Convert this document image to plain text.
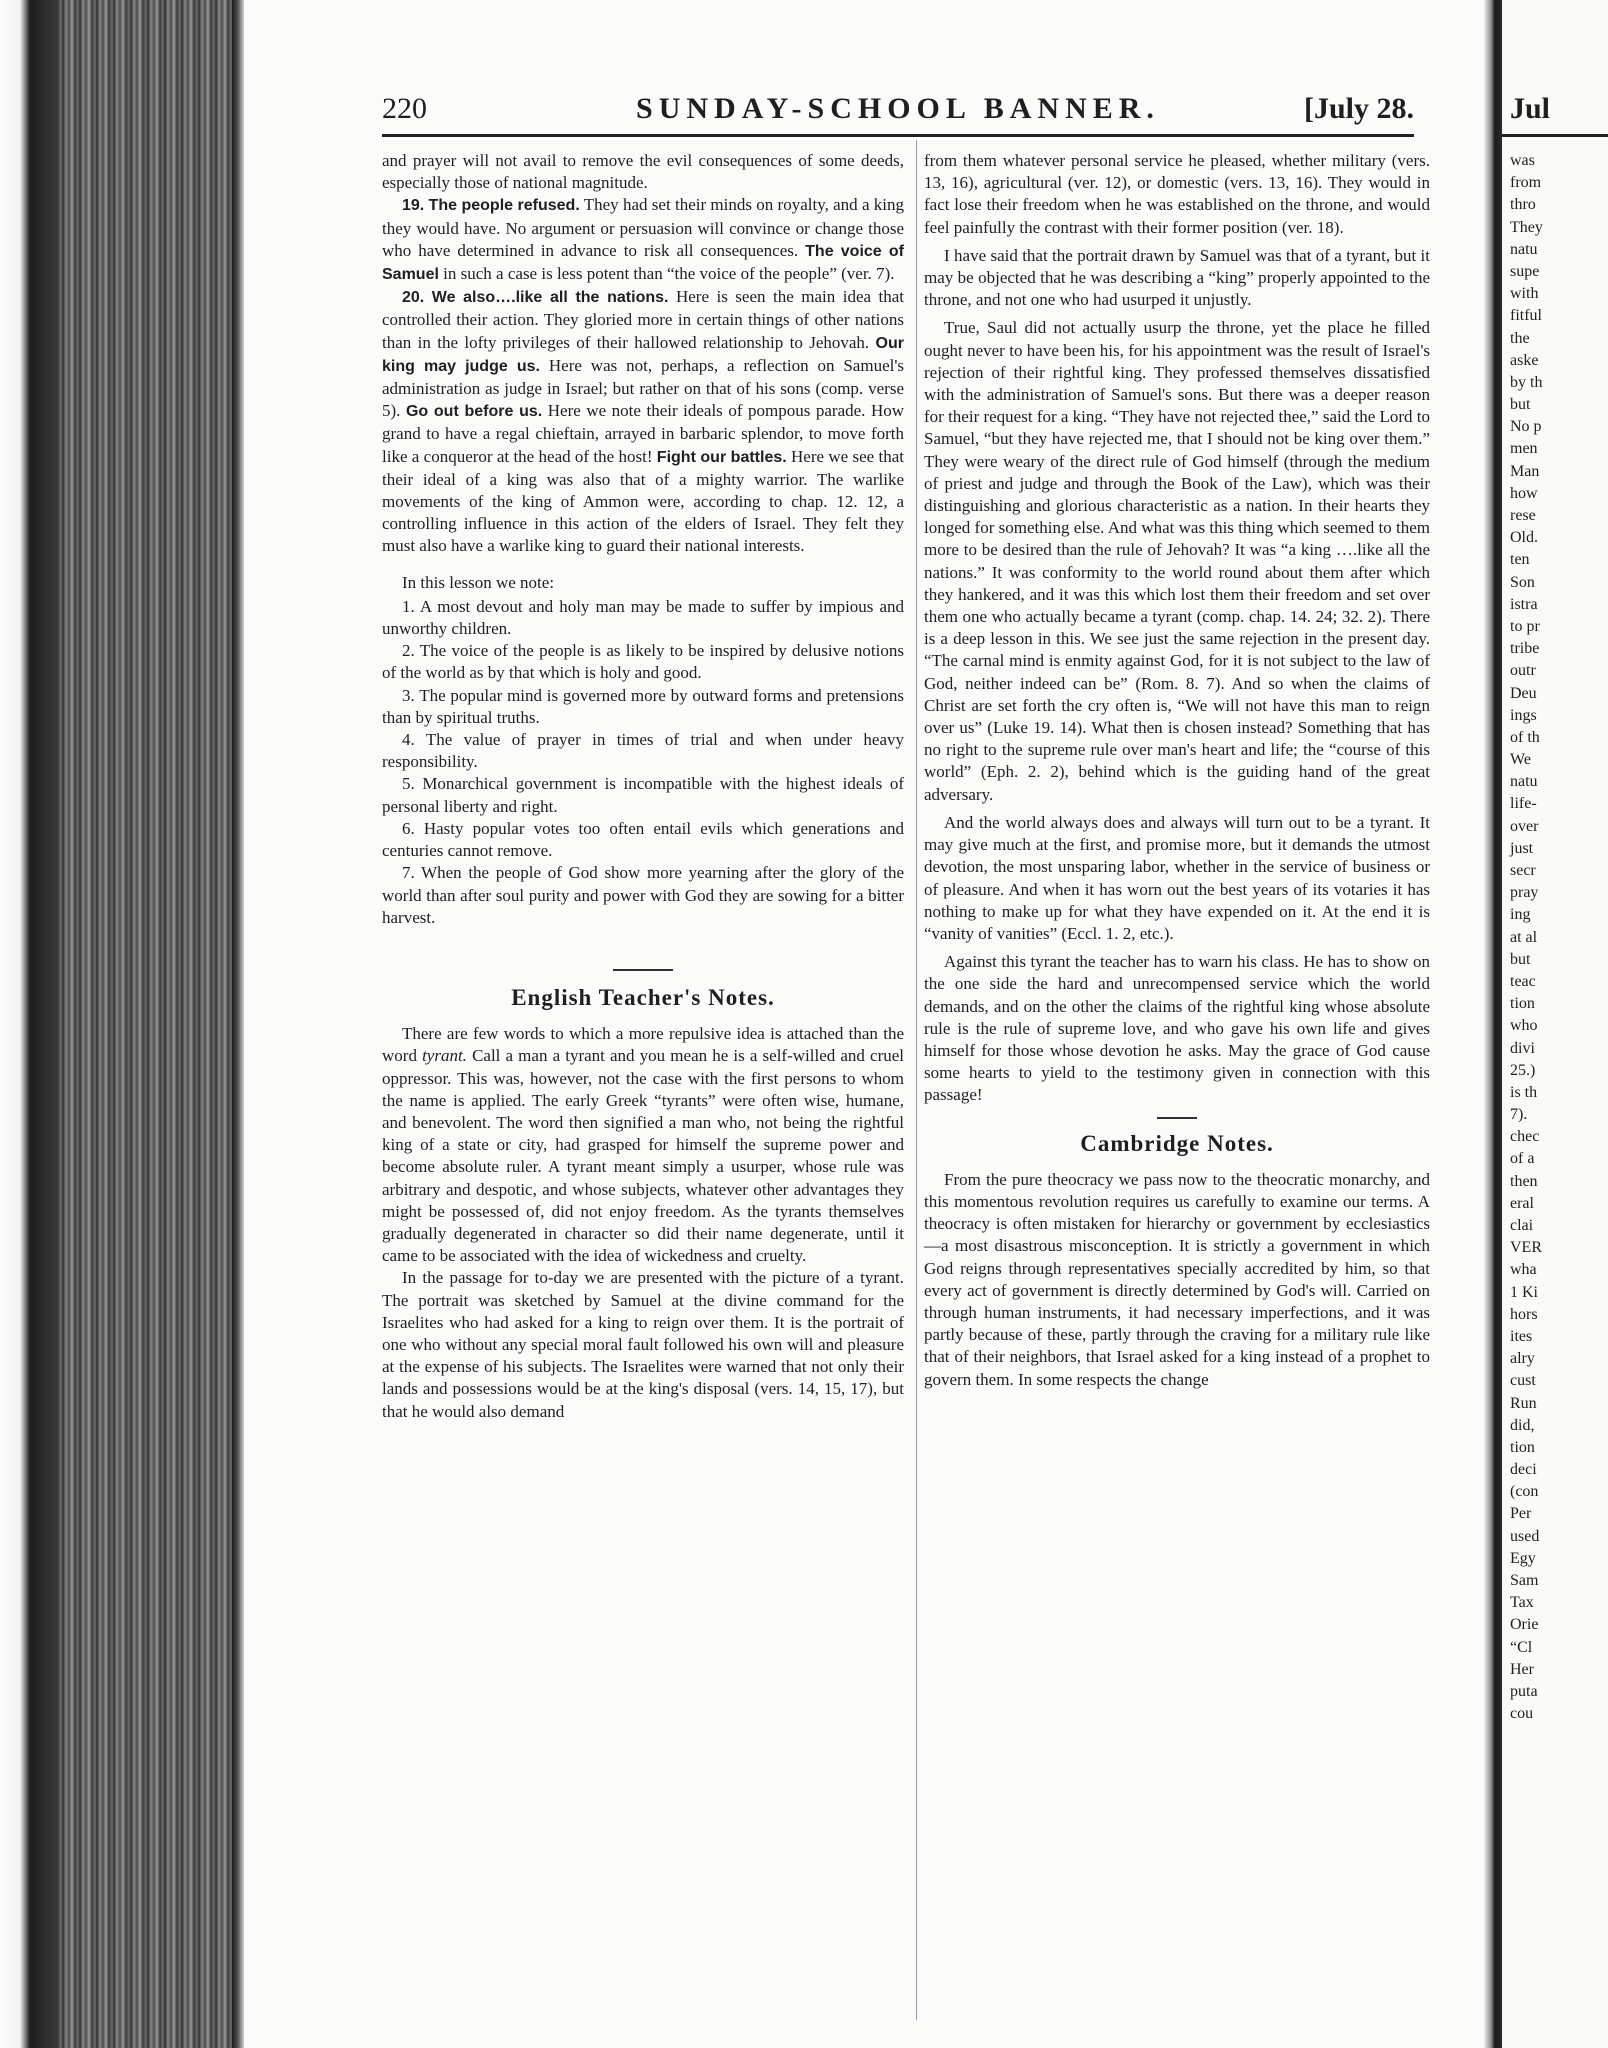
220	SUNDAY-SCHOOL BANNER.	[July 28.

and prayer will not avail to remove the evil consequences of some deeds, especially those of national magnitude.

19. The people refused. They had set their minds on royalty, and a king they would have. No argument or persuasion will convince or change those who have determined in advance to risk all consequences. The voice of Samuel in such a case is less potent than “the voice of the people” (ver. 7).

20. We also….like all the nations. Here is seen the main idea that controlled their action. They gloried more in certain things of other nations than in the lofty privileges of their hallowed relationship to Jehovah. Our king may judge us. Here was not, perhaps, a reflection on Samuel's administration as judge in Israel; but rather on that of his sons (comp. verse 5). Go out before us. Here we note their ideals of pompous parade. How grand to have a regal chieftain, arrayed in barbaric splendor, to move forth like a conqueror at the head of the host! Fight our battles. Here we see that their ideal of a king was also that of a mighty warrior. The warlike movements of the king of Ammon were, according to chap. 12. 12, a controlling influence in this action of the elders of Israel. They felt they must also have a warlike king to guard their national interests.

In this lesson we note:

1. A most devout and holy man may be made to suffer by impious and unworthy children.
2. The voice of the people is as likely to be inspired by delusive notions of the world as by that which is holy and good.
3. The popular mind is governed more by outward forms and pretensions than by spiritual truths.
4. The value of prayer in times of trial and when under heavy responsibility.
5. Monarchical government is incompatible with the highest ideals of personal liberty and right.
6. Hasty popular votes too often entail evils which generations and centuries cannot remove.
7. When the people of God show more yearning after the glory of the world than after soul purity and power with God they are sowing for a bitter harvest.
English Teacher's Notes.

There are few words to which a more repulsive idea is attached than the word tyrant. Call a man a tyrant and you mean he is a self-willed and cruel oppressor. This was, however, not the case with the first persons to whom the name is applied. The early Greek “tyrants” were often wise, humane, and benevolent. The word then signified a man who, not being the rightful king of a state or city, had grasped for himself the supreme power and become absolute ruler. A tyrant meant simply a usurper, whose rule was arbitrary and despotic, and whose subjects, whatever other advantages they might be possessed of, did not enjoy freedom. As the tyrants themselves gradually degenerated in character so did their name degenerate, until it came to be associated with the idea of wickedness and cruelty.

In the passage for to-day we are presented with the picture of a tyrant. The portrait was sketched by Samuel at the divine command for the Israelites who had asked for a king to reign over them. It is the portrait of one who without any special moral fault followed his own will and pleasure at the expense of his subjects. The Israelites were warned that not only their lands and possessions would be at the king's disposal (vers. 14, 15, 17), but that he would also demand

from them whatever personal service he pleased, whether military (vers. 13, 16), agricultural (ver. 12), or domestic (vers. 13, 16). They would in fact lose their freedom when he was established on the throne, and would feel painfully the contrast with their former position (ver. 18).

I have said that the portrait drawn by Samuel was that of a tyrant, but it may be objected that he was describing a “king” properly appointed to the throne, and not one who had usurped it unjustly.

True, Saul did not actually usurp the throne, yet the place he filled ought never to have been his, for his appointment was the result of Israel's rejection of their rightful king. They professed themselves dissatisfied with the administration of Samuel's sons. But there was a deeper reason for their request for a king. “They have not rejected thee,” said the Lord to Samuel, “but they have rejected me, that I should not be king over them.” They were weary of the direct rule of God himself (through the medium of priest and judge and through the Book of the Law), which was their distinguishing and glorious characteristic as a nation. In their hearts they longed for something else. And what was this thing which seemed to them more to be desired than the rule of Jehovah? It was “a king ….like all the nations.” It was conformity to the world round about them after which they hankered, and it was this which lost them their freedom and set over them one who actually became a tyrant (comp. chap. 14. 24; 32. 2). There is a deep lesson in this. We see just the same rejection in the present day. “The carnal mind is enmity against God, for it is not subject to the law of God, neither indeed can be” (Rom. 8. 7). And so when the claims of Christ are set forth the cry often is, “We will not have this man to reign over us” (Luke 19. 14). What then is chosen instead? Something that has no right to the supreme rule over man's heart and life; the “course of this world” (Eph. 2. 2), behind which is the guiding hand of the great adversary.

And the world always does and always will turn out to be a tyrant. It may give much at the first, and promise more, but it demands the utmost devotion, the most unsparing labor, whether in the service of business or of pleasure. And when it has worn out the best years of its votaries it has nothing to make up for what they have expended on it. At the end it is “vanity of vanities” (Eccl. 1. 2, etc.).

Against this tyrant the teacher has to warn his class. He has to show on the one side the hard and unrecompensed service which the world demands, and on the other the claims of the rightful king whose absolute rule is the rule of supreme love, and who gave his own life and gives himself for those whose devotion he asks. May the grace of God cause some hearts to yield to the testimony given in connection with this passage!

Cambridge Notes.

From the pure theocracy we pass now to the theocratic monarchy, and this momentous revolution requires us carefully to examine our terms. A theocracy is often mistaken for hierarchy or government by ecclesiastics—a most disastrous misconception. It is strictly a government in which God reigns through representatives specially accredited by him, so that every act of government is directly determined by God's will. Carried on through human instruments, it had necessary imperfections, and it was partly because of these, partly through the craving for a military rule like that of their neighbors, that Israel asked for a king instead of a prophet to govern them. In some respects the change

Jul
was
from
thro
They
natu
supe
with
fitful
the
aske
by th
but
No p
men
Man
how
rese
Old.
ten
Son
istra
to pr
tribe
outr
Deu
ings
of th
We
natu
life-
over
just
secr
pray
ing
at al
but
teac
tion
who
divi
25.)
is th
7).
chec
of a
then
eral
clai
VER
wha
1 Ki
hors
ites
alry
cust
Run
did,
tion
deci
(con
Per
used
Egy
Sam
Tax
Orie
“Cl
Her
puta
cou
